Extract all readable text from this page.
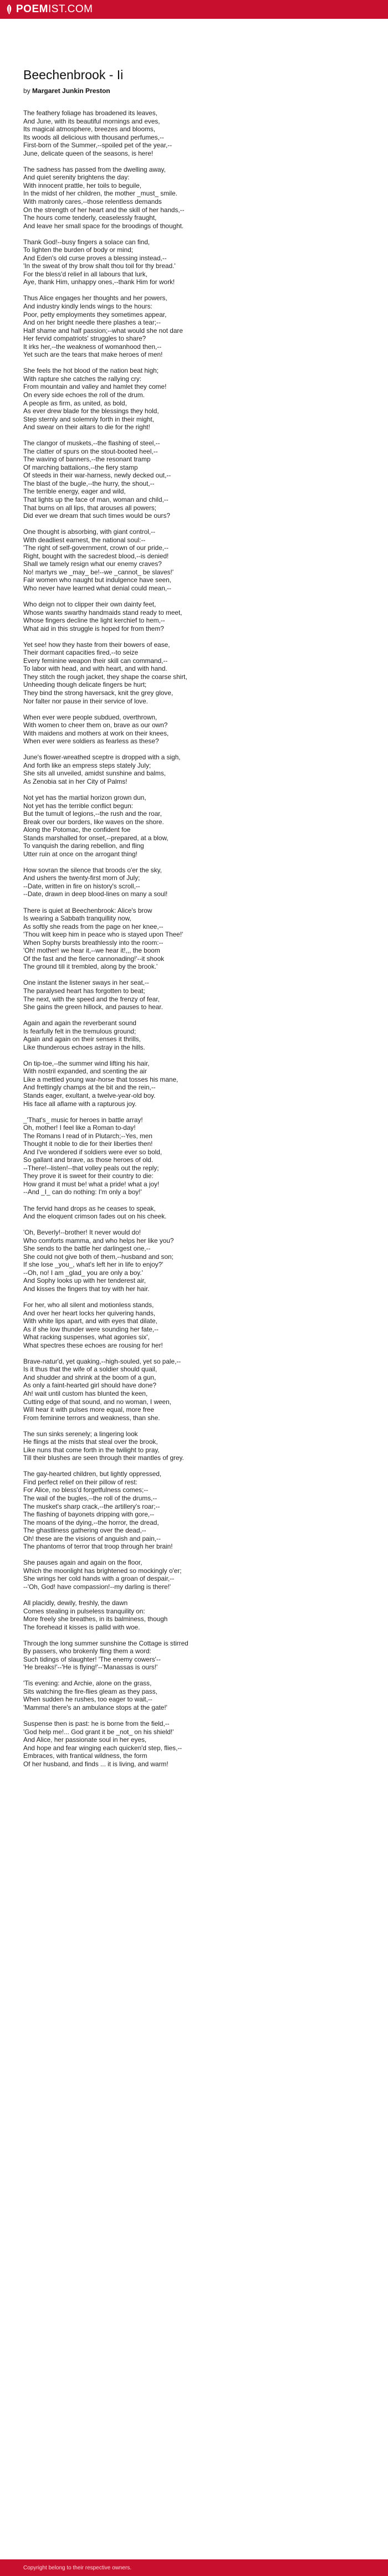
POEM IST.COM
Beechenbrook - Ii

by Margaret Junkin Preston

The feathery foliage has broadened its leaves,
And June, with its beautiful mornings and eves,
Its magical atmosphere, breezes and blooms,
Its woods all delicious with thousand perfumes,--
First-born of the Summer,--spoiled pet of the year,--
June, delicate queen of the seasons, is here!

The sadness has passed from the dwelling away,
And quiet serenity brightens the day:
With innocent prattle, her toils to beguile,
In the midst of her children, the mother _must_ smile.
With matronly cares,--those relentless demands
On the strength of her heart and the skill of her hands,--
The hours come tenderly, ceaselessly fraught,
And leave her small space for the broodings of thought.

Thank God!--busy fingers a solace can find,
To lighten the burden of body or mind;
And Eden's old curse proves a blessing instead,--
'In the sweat of thy brow shalt thou toil for thy bread.'
For the bless'd relief in all labours that lurk,
Aye, thank Him, unhappy ones,--thank Him for work!

Thus Alice engages her thoughts and her powers,
And industry kindly lends wings to the hours:
Poor, petty employments they sometimes appear,
And on her bright needle there plashes a tear;--
Half shame and half passion;--what would she not dare
Her fervid compatriots' struggles to share?
It irks her,--the weakness of womanhood then,--
Yet such are the tears that make heroes of men!

She feels the hot blood of the nation beat high;
With rapture she catches the rallying cry:
From mountain and valley and hamlet they come!
On every side echoes the roll of the drum.
A people as firm, as united, as bold,
As ever drew blade for the blessings they hold,
Step sternly and solemnly forth in their might,
And swear on their altars to die for the right!

The clangor of muskets,--the flashing of steel,--
The clatter of spurs on the stout-booted heel,--
The waving of banners,--the resonant tramp
Of marching battalions,--the fiery stamp
Of steeds in their war-harness, newly decked out,--
The blast of the bugle,--the hurry, the shout,--
The terrible energy, eager and wild,
That lights up the face of man, woman and child,--
That burns on all lips, that arouses all powers;
Did ever we dream that such times would be ours?

One thought is absorbing, with giant control,--
With deadliest earnest, the national soul:--
'The right of self-government, crown of our pride,--
Right, bought with the sacredest blood,--is denied!
Shall we tamely resign what our enemy craves?
No! martyrs we _may_ be!--we _cannot_ be slaves!'
Fair women who naught but indulgence have seen,
Who never have learned what denial could mean,--

Who deign not to clipper their own dainty feet,
Whose wants swarthy handmaids stand ready to meet,
Whose fingers decline the light kerchief to hem,--
What aid in this struggle is hoped for from them?

Yet see! how they haste from their bowers of ease,
Their dormant capacities fired,--to seize
Every feminine weapon their skill can command,--
To labor with head, and with heart, and with hand.
They stitch the rough jacket, they shape the coarse shirt,
Unheeding though delicate fingers be hurt;
They bind the strong haversack, knit the grey glove,
Nor falter nor pause in their service of love.

When ever were people subdued, overthrown,
With women to cheer them on, brave as our own?
With maidens and mothers at work on their knees,
When ever were soldiers as fearless as these?

June's flower-wreathed sceptre is dropped with a sigh,
And forth like an empress steps stately July;
She sits all unveiled, amidst sunshine and balms,
As Zenobia sat in her City of Palms!

Not yet has the martial horizon grown dun,
Not yet has the terrible conflict begun:
But the tumult of legions,--the rush and the roar,
Break over our borders, like waves on the shore.
Along the Potomac, the confident foe
Stands marshalled for onset,--prepared, at a blow,
To vanquish the daring rebellion, and fling
Utter ruin at once on the arrogant thing!

How sovran the silence that broods o'er the sky,
And ushers the twenty-first morn of July;
--Date, written in fire on history's scroll,--
--Date, drawn in deep blood-lines on many a soul!

There is quiet at Beechenbrook: Alice's brow
Is wearing a Sabbath tranquillity now,
As softly she reads from the page on her knee,--
'Thou wilt keep him in peace who is stayed upon Thee!'
When Sophy bursts breathlessly into the room:--
'Oh! mother! we hear it,--we hear it!,,, the boom
Of the fast and the fierce cannonading!'--it shook
The ground till it trembled, along by the brook.'

One instant the listener sways in her seat,--
The paralysed heart has forgotten to beat;
The next, with the speed and the frenzy of fear,
She gains the green hillock, and pauses to hear.

Again and again the reverberant sound
Is fearfully felt in the tremulous ground;
Again and again on their senses it thrills,
Like thunderous echoes astray in the hills.

On tip-toe,--the summer wind lifting his hair,
With nostril expanded, and scenting the air
Like a mettled young war-horse that tosses his mane,
And frettingly champs at the bit and the rein,--
Stands eager, exultant, a twelve-year-old boy.
His face all aflame with a rapturous joy.

_'That's_ music for heroes in battle array!
Oh, mother! I feel like a Roman to-day!
The Romans I read of in Plutarch;--Yes, men
Thought it noble to die for their liberties then!
And I've wondered if soldiers were ever so bold,
So gallant and brave, as those heroes of old.
--There!--listen!--that volley peals out the reply;
They prove it is sweet for their country to die:
How grand it must be! what a pride! what a joy!
--And _I_ can do nothing: I'm only a boy!'

The fervid hand drops as he ceases to speak,
And the eloquent crimson fades out on his cheek.

'Oh, Beverly!--brother! It never would do!
Who comforts mamma, and who helps her like you?
She sends to the battle her darlingest one,--
She could not give both of them,--husband and son;
If she lose _you_, what's left her in life to enjoy?'
--Oh, no! I am _glad_ you are only a boy.'
And Sophy looks up with her tenderest air,
And kisses the fingers that toy with her hair.

For her, who all silent and motionless stands,
And over her heart locks her quivering hands,
With white lips apart, and with eyes that dilate,
As if she low thunder were sounding her fate,--
What racking suspenses, what agonies six',
What spectres these echoes are rousing for her!

Brave-natur'd, yet quaking,--high-souled, yet so pale,--
Is it thus that the wife of a soldier should quail,
And shudder and shrink at the boom of a gun,
As only a faint-hearted girl should have done?
Ah! wait until custom has blunted the keen,
Cutting edge of that sound, and no woman, I ween,
Will hear it with pulses more equal, more free
From feminine terrors and weakness, than she.

The sun sinks serenely; a lingering look
He flings at the mists that steal over the brook,
Like nuns that come forth in the twilight to pray,
Till their blushes are seen through their mantles of grey.

The gay-hearted children, but lightly oppressed,
Find perfect relief on their pillow of rest:
For Alice, no bless'd forgetfulness comes;--
The wail of the bugles,--the roll of the drums,--
The musket's sharp crack,--the artillery's roar;--
The flashing of bayonets dripping with gore,--
The moans of the dying,--the horror, the dread,
The ghastliness gathering over the dead,--
Oh! these are the visions of anguish and pain,--
The phantoms of terror that troop through her brain!

She pauses again and again on the floor,
Which the moonlight has brightened so mockingly o'er;
She wrings her cold hands with a groan of despair,--
--'Oh, God! have compassion!--my darling is there!'

All placidly, dewily, freshly, the dawn
Comes stealing in pulseless tranquility on:
More freely she breathes, in its balminess, though
The forehead it kisses is pallid with woe.

Through the long summer sunshine the Cottage is stirred
By passers, who brokenly fling them a word:
Such tidings of slaughter! 'The enemy cowers'--
'He breaks!'--'He is flying!'--'Manassas is ours!'

'Tis evening: and Archie, alone on the grass,
Sits watching the fire-flies gleam as they pass,
When sudden he rushes, too eager to wait,--
'Mamma! there's an ambulance stops at the gate!'

Suspense then is past: he is borne from the field,--
'God help me!... God grant it be _not_ on his shield!'
And Alice, her passionate soul in her eyes,
And hope and fear winging each quicken'd step, flies,--
Embraces, with frantical wildness, the form
Of her husband, and finds ... it is living, and warm!

Copyright belong to their respective owners.
